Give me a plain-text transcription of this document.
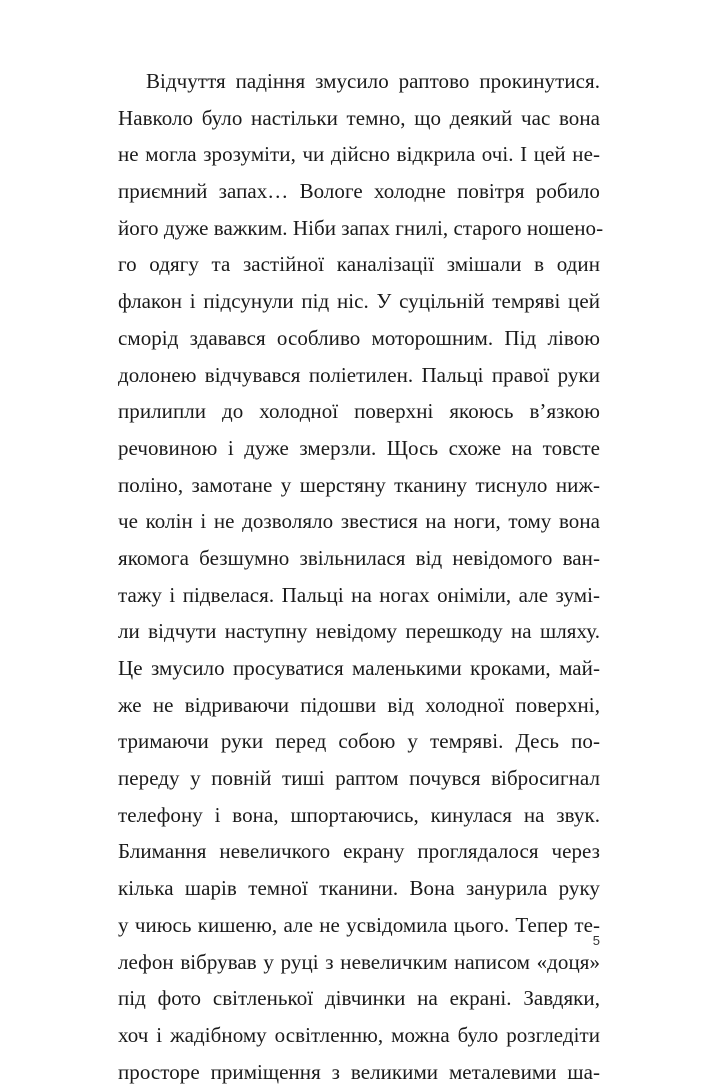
Відчуття падіння змусило раптово прокинутися.
Навколо було настільки темно, що деякий час вона
не могла зрозуміти, чи дійсно відкрила очі. І цей не-
приємний запах… Вологе холодне повітря робило
його дуже важким. Ніби запах гнилі, старого ношено-
го одягу та застійної каналізації змішали в один
флакон і підсунули під ніс. У суцільній темряві цей
сморід здавався особливо моторошним. Під лівою
долонею відчувався поліетилен. Пальці правої руки
прилипли до холодної поверхні якоюсь в’язкою
речовиною і дуже змерзли. Щось схоже на товсте
поліно, замотане у шерстяну тканину тиснуло ниж-
че колін і не дозволяло звестися на ноги, тому вона
якомога безшумно звільнилася від невідомого ван-
тажу і підвелася. Пальці на ногах оніміли, але зумі-
ли відчути наступну невідому перешкоду на шляху.
Це змусило просуватися маленькими кроками, май-
же не відриваючи підошви від холодної поверхні,
тримаючи руки перед собою у темряві. Десь по-
переду у повній тиші раптом почувся вібросигнал
телефону і вона, шпортаючись, кинулася на звук.
Блимання невеличкого екрану проглядалося через
кілька шарів темної тканини. Вона занурила руку
у чиюсь кишеню, але не усвідомила цього. Тепер те-
лефон вібрував у руці з невеличким написом «доця»
під фото світленької дівчинки на екрані. Завдяки,
хоч і жадібному освітленню, можна було розгледіти
просторе приміщення з великими металевими ша-
5
